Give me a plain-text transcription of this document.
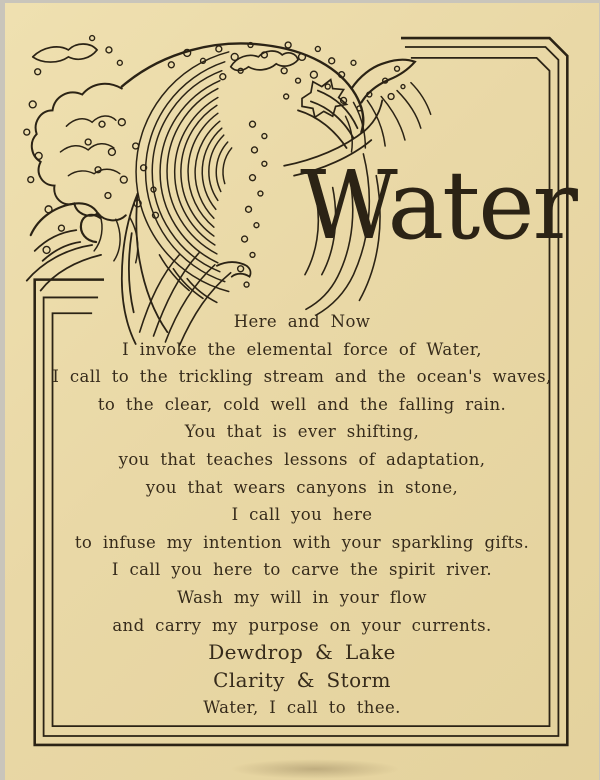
Water
Here and Now
I invoke the elemental force of Water,
I call to the trickling stream and the ocean's waves,
to the clear, cold well and the falling rain.
You that is ever shifting,
you that teaches lessons of adaptation,
you that wears canyons in stone,
I call you here
to infuse my intention with your sparkling gifts.
I call you here to carve the spirit river.
Wash my will in your flow
and carry my purpose on your currents.
Dewdrop & Lake
Clarity & Storm
Water, I call to thee.
